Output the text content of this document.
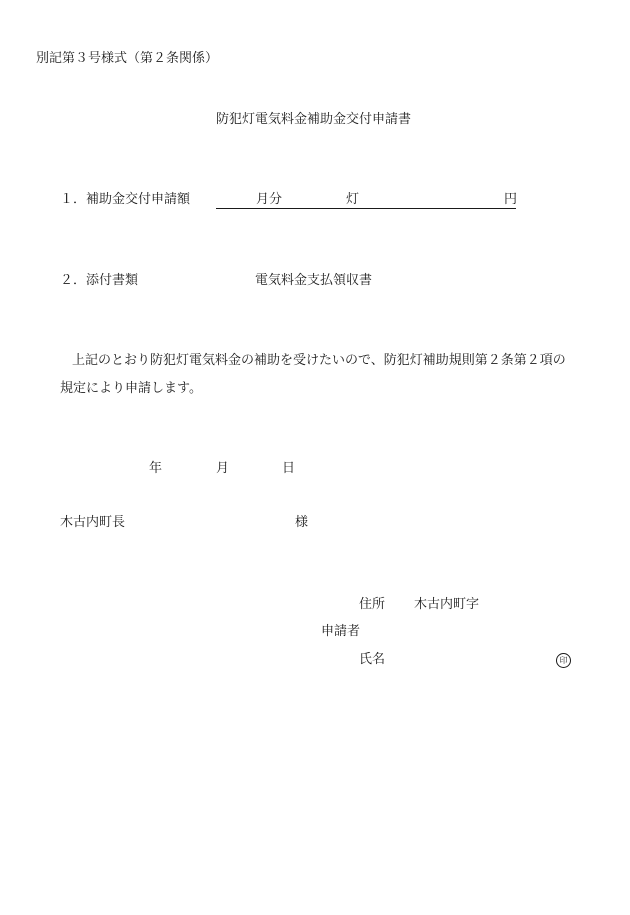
別記第３号様式（第２条関係）
防犯灯電気料金補助金交付申請書
１．補助金交付申請額	月分	灯	円
２．添付書類	電気料金支払領収書
上記のとおり防犯灯電気料金の補助を受けたいので、防犯灯補助規則第２条第２項の
規定により申請します。
年	月	日
木古内町長	様
住所 木古内町字
申請者
氏名	印
